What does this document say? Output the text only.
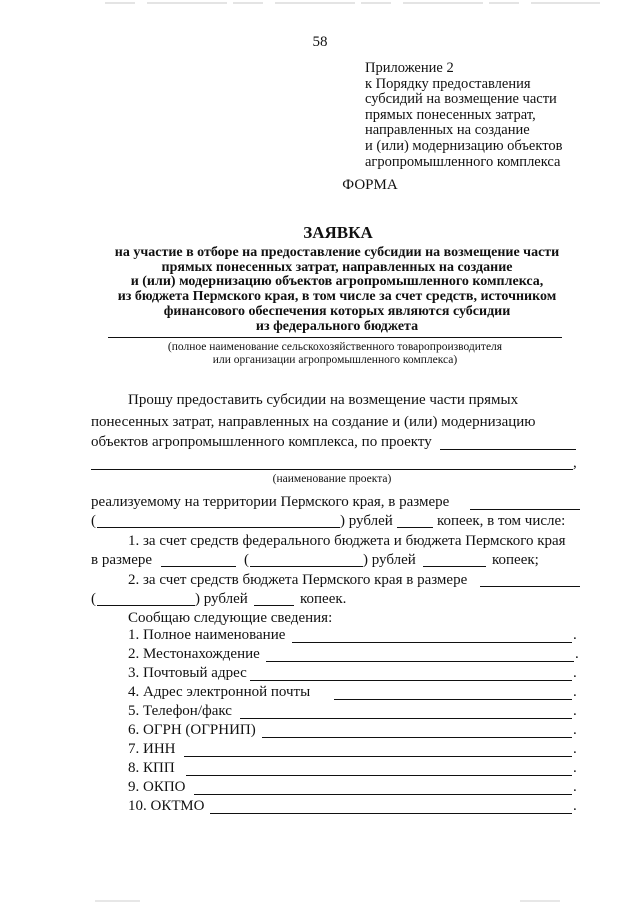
58
Приложение 2
к Порядку предоставления
субсидий на возмещение части
прямых понесенных затрат,
направленных на создание
и (или) модернизацию объектов
агропромышленного комплекса
ФОРМА
ЗАЯВКА
на участие в отборе на предоставление субсидии на возмещение части
прямых понесенных затрат, направленных на создание
и (или) модернизацию объектов агропромышленного комплекса,
из бюджета Пермского края, в том числе за счет средств, источником
финансового обеспечения которых являются субсидии
из федерального бюджета
(полное наименование сельскохозяйственного товаропроизводителя
или организации агропромышленного комплекса)
Прошу предоставить субсидии на возмещение части прямых
понесенных затрат, направленных на создание и (или) модернизацию
объектов агропромышленного комплекса, по проекту
,
(наименование проекта)
реализуемому на территории Пермского края, в размере
(	) рублей	копеек, в том числе:
1. за счет средств федерального бюджета и бюджета Пермского края
в размере	(	) рублей	копеек;
2. за счет средств бюджета Пермского края в размере
(	) рублей	копеек.
Сообщаю следующие сведения:
1. Полное наименование	.
2. Местонахождение	.
3. Почтовый адрес	.
4. Адрес электронной почты	.
5. Телефон/факс	.
6. ОГРН (ОГРНИП)	.
7. ИНН	.
8. КПП	.
9. ОКПО	.
10. ОКТМО	.
